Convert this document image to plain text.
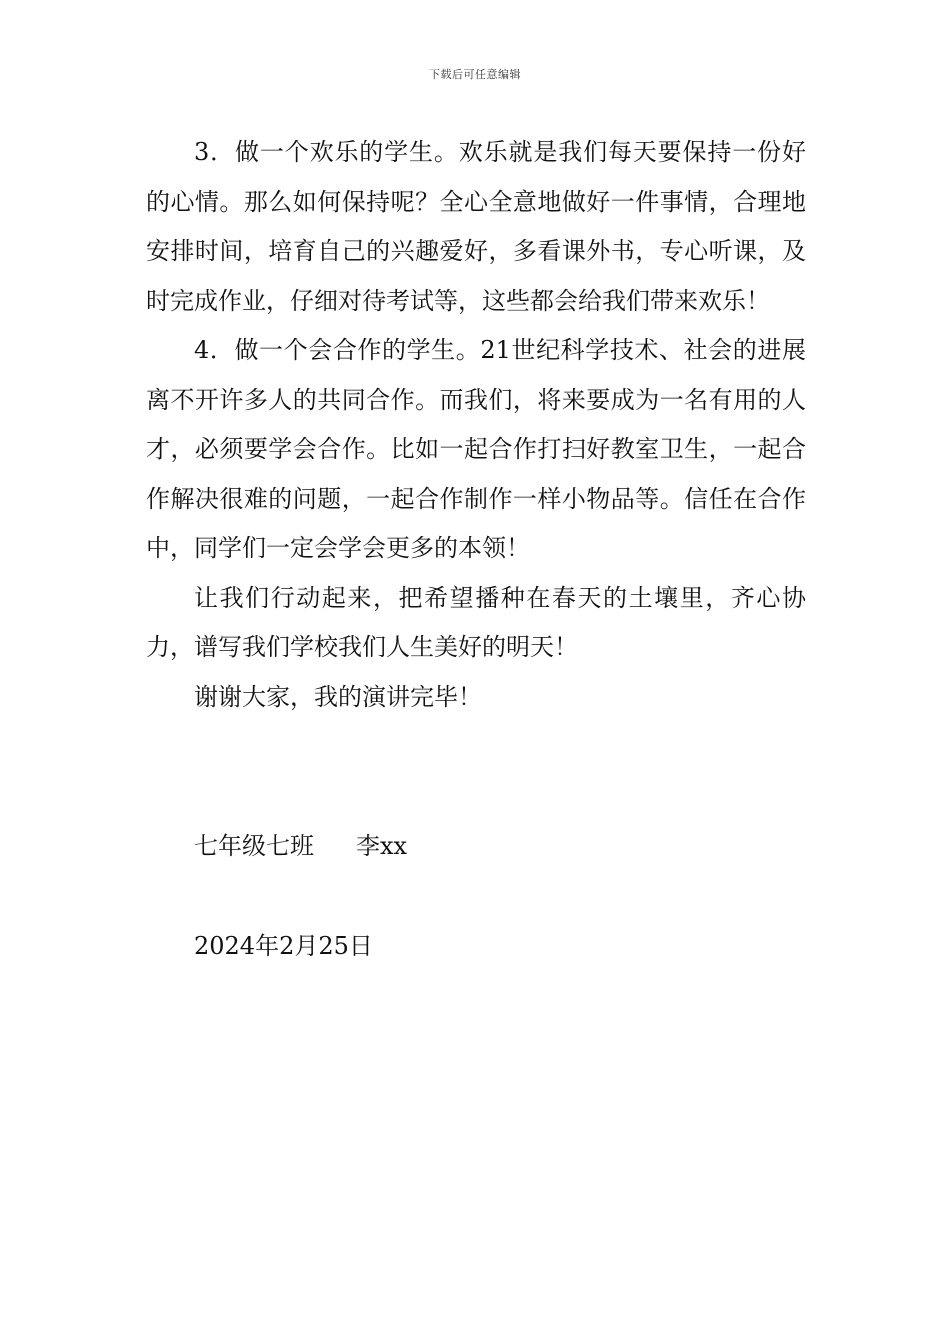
下载后可任意编辑

3．做一个欢乐的学生。欢乐就是我们每天要保持一份好的心情。那么如何保持呢？全心全意地做好一件事情，合理地安排时间，培育自己的兴趣爱好，多看课外书，专心听课，及时完成作业，仔细对待考试等，这些都会给我们带来欢乐！

4．做一个会合作的学生。21世纪科学技术、社会的进展离不开许多人的共同合作。而我们，将来要成为一名有用的人才，必须要学会合作。比如一起合作打扫好教室卫生，一起合作解决很难的问题，一起合作制作一样小物品等。信任在合作中，同学们一定会学会更多的本领！

让我们行动起来，把希望播种在春天的土壤里，齐心协力，谱写我们学校我们人生美好的明天！

谢谢大家，我的演讲完毕！

七年级七班 李xx
2024年2月25日
